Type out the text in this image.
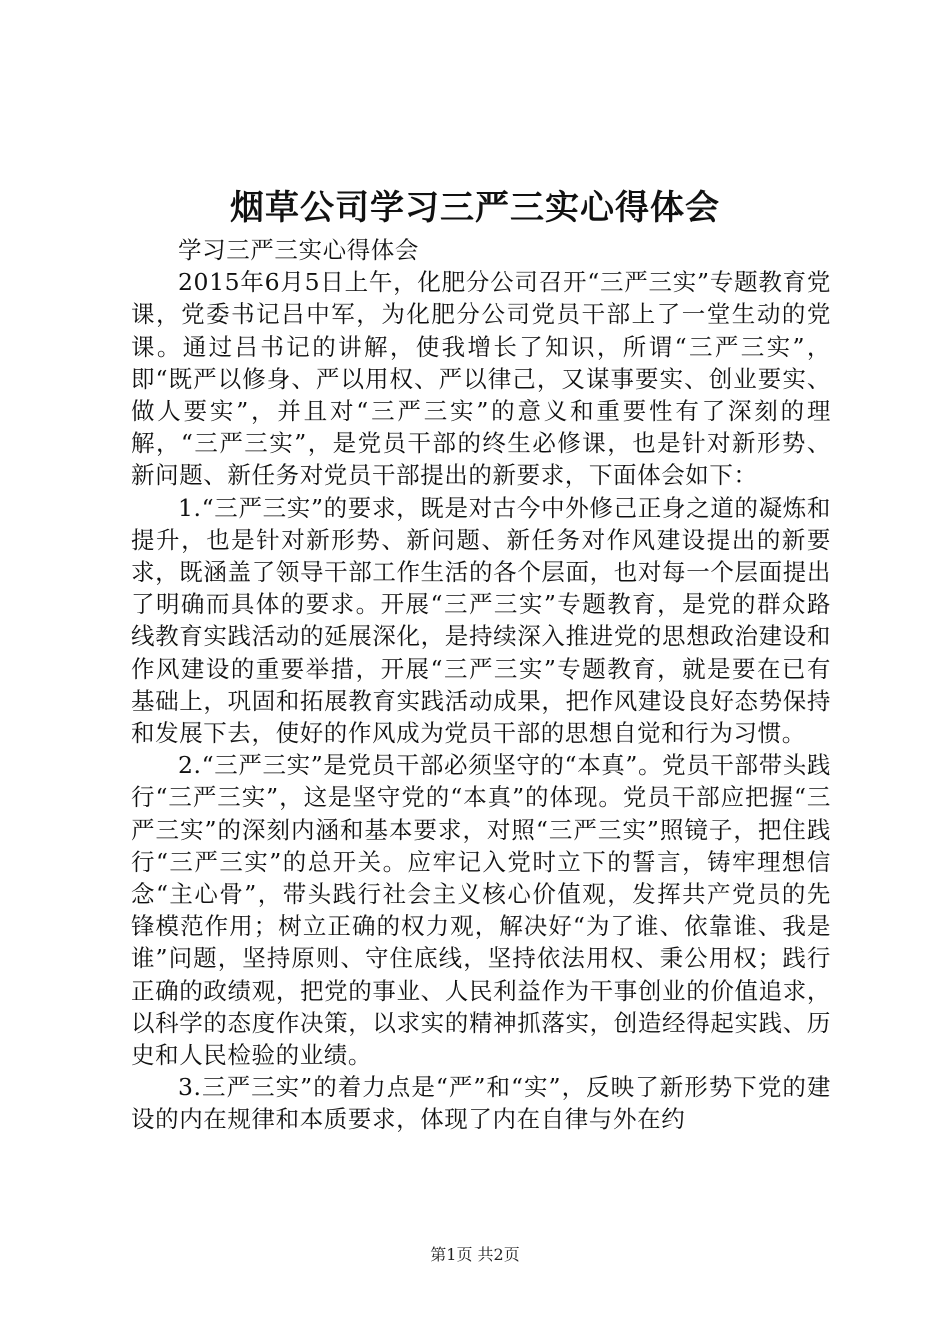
烟草公司学习三严三实心得体会

学习三严三实心得体会

2015年6月5日上午，化肥分公司召开“三严三实”专题教育党课，党委书记吕中军，为化肥分公司党员干部上了一堂生动的党课。通过吕书记的讲解，使我增长了知识，所谓“三严三实”，即“既严以修身、严以用权、严以律己，又谋事要实、创业要实、做人要实”，并且对“三严三实”的意义和重要性有了深刻的理解，“三严三实”，是党员干部的终生必修课，也是针对新形势、新问题、新任务对党员干部提出的新要求，下面体会如下：

1.“三严三实”的要求，既是对古今中外修己正身之道的凝炼和提升，也是针对新形势、新问题、新任务对作风建设提出的新要求，既涵盖了领导干部工作生活的各个层面，也对每一个层面提出了明确而具体的要求。开展“三严三实”专题教育，是党的群众路线教育实践活动的延展深化，是持续深入推进党的思想政治建设和作风建设的重要举措，开展“三严三实”专题教育，就是要在已有基础上，巩固和拓展教育实践活动成果，把作风建设良好态势保持和发展下去，使好的作风成为党员干部的思想自觉和行为习惯。

2.“三严三实”是党员干部必须坚守的“本真”。党员干部带头践行“三严三实”，这是坚守党的“本真”的体现。党员干部应把握“三严三实”的深刻内涵和基本要求，对照“三严三实”照镜子，把住践行“三严三实”的总开关。应牢记入党时立下的誓言，铸牢理想信念“主心骨”，带头践行社会主义核心价值观，发挥共产党员的先锋模范作用；树立正确的权力观，解决好“为了谁、依靠谁、我是谁”问题，坚持原则、守住底线，坚持依法用权、秉公用权；践行正确的政绩观，把党的事业、人民利益作为干事创业的价值追求，以科学的态度作决策，以求实的精神抓落实，创造经得起实践、历史和人民检验的业绩。

3.三严三实”的着力点是“严”和“实”，反映了新形势下党的建设的内在规律和本质要求，体现了内在自律与外在约

第1页 共2页
